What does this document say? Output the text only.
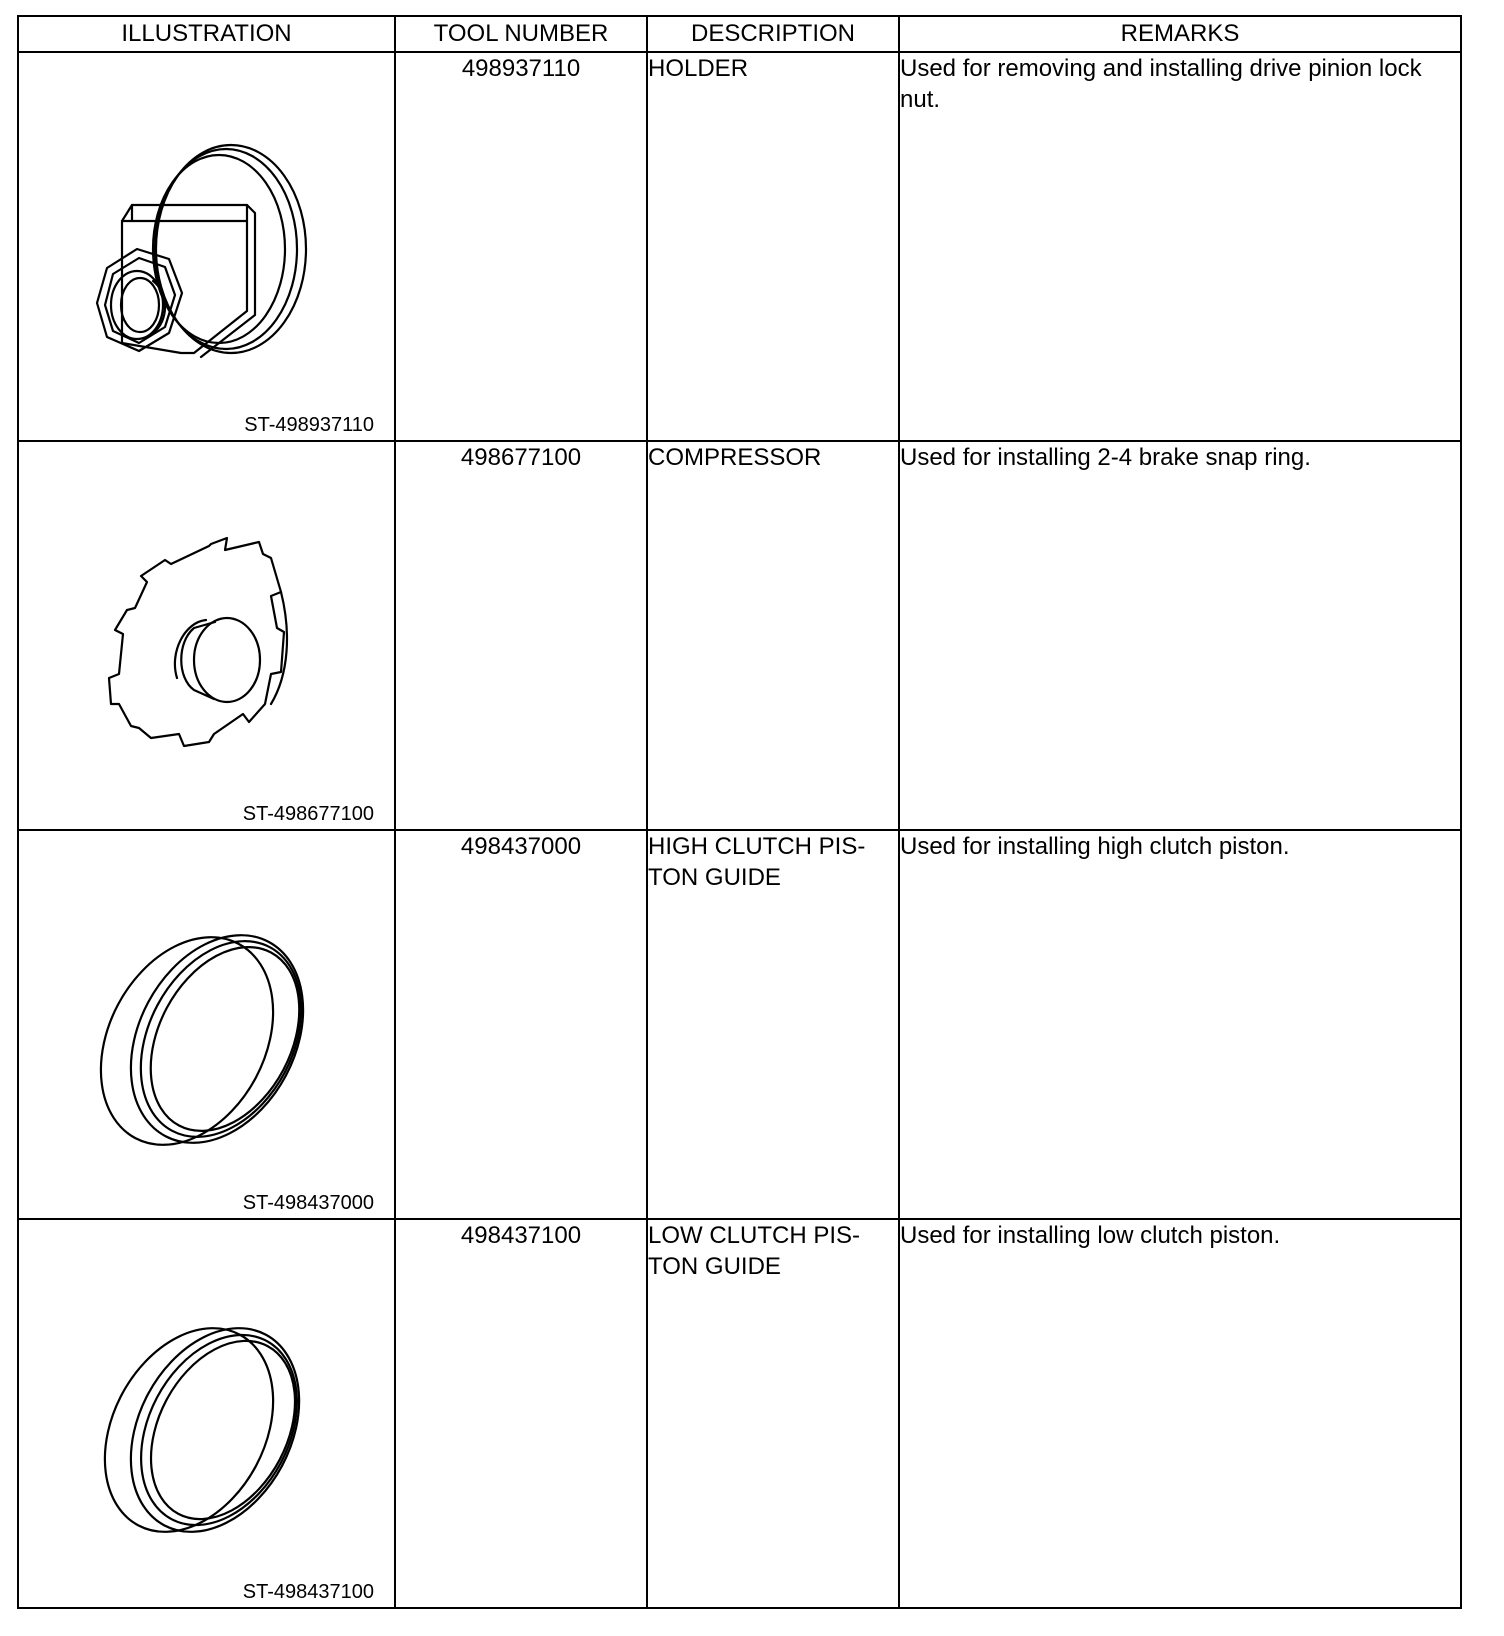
ILLUSTRATION	TOOL NUMBER	DESCRIPTION	REMARKS

ST-498937110	498937110	HOLDER	Used for removing and installing drive pinion lock nut.

ST-498677100	498677100	COMPRESSOR	Used for installing 2-4 brake snap ring.

ST-498437000	498437000	HIGH CLUTCH PIS-
TON GUIDE	Used for installing high clutch piston.

ST-498437100	498437100	LOW CLUTCH PIS-
TON GUIDE	Used for installing low clutch piston.
